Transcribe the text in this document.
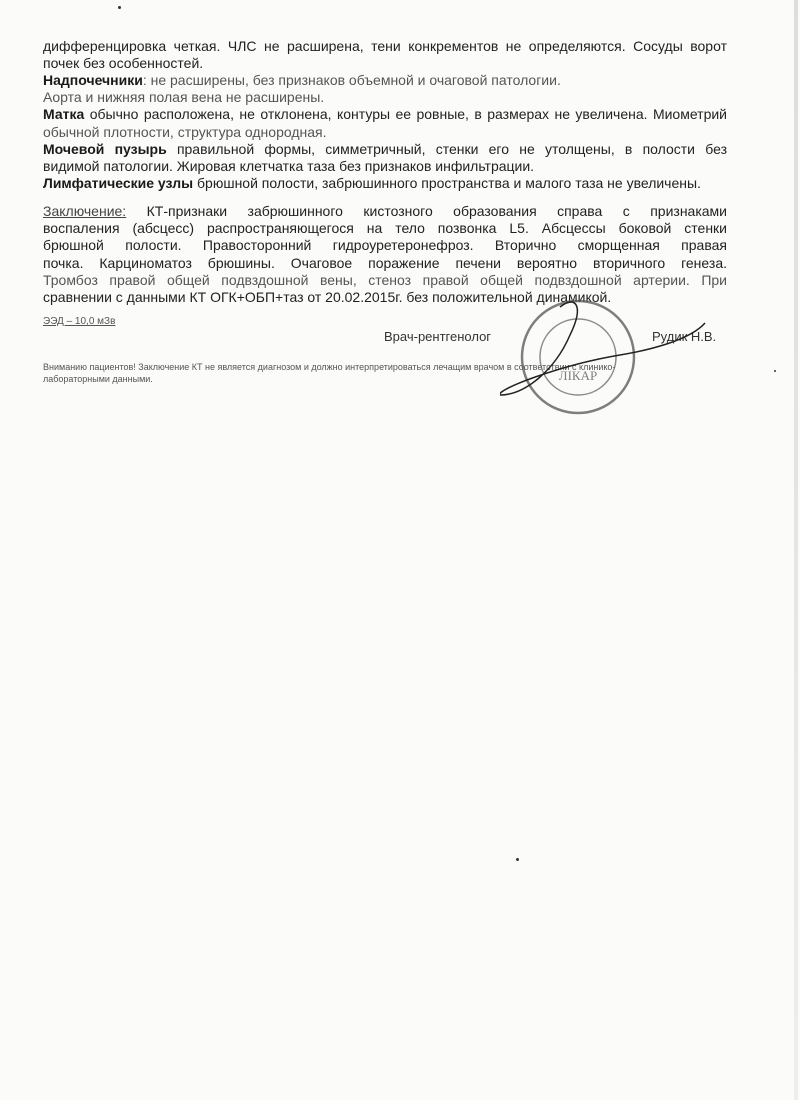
дифференцировка четкая. ЧЛС не расширена, тени конкрементов не определяются. Сосуды ворот
почек без особенностей.
Надпочечники: не расширены, без признаков объемной и очаговой патологии.
Аорта и нижняя полая вена не расширены.
Матка обычно расположена, не отклонена, контуры ее ровные, в размерах не увеличена. Миометрий
обычной плотности, структура однородная.
Мочевой пузырь правильной формы, симметричный, стенки его не утолщены, в полости без
видимой патологии. Жировая клетчатка таза без признаков инфильтрации.
Лимфатические узлы брюшной полости, забрюшинного пространства и малого таза не увеличены.
Заключение: КТ-признаки забрюшинного кистозного образования справа с признаками
воспаления (абсцесс) распространяющегося на тело позвонка L5. Абсцессы боковой стенки
брюшной полости. Правосторонний гидроуретеронефроз. Вторично сморщенная правая
почка. Карциноматоз брюшины. Очаговое поражение печени вероятно вторичного генеза.
Тромбоз правой общей подвздошной вены, стеноз правой общей подвздошной артерии. При
сравнении с данными КТ ОГК+ОБП+таз от 20.02.2015г. без положительной динамикой.
ЭЭД – 10,0 мЗв
Врач-рентгенолог	Рудик Н.В.
Вниманию пациентов! Заключение КТ не является диагнозом и должно интерпретироваться лечащим врачом в соответствии с клинико-
лабораторными данными.	ЛІКАР
